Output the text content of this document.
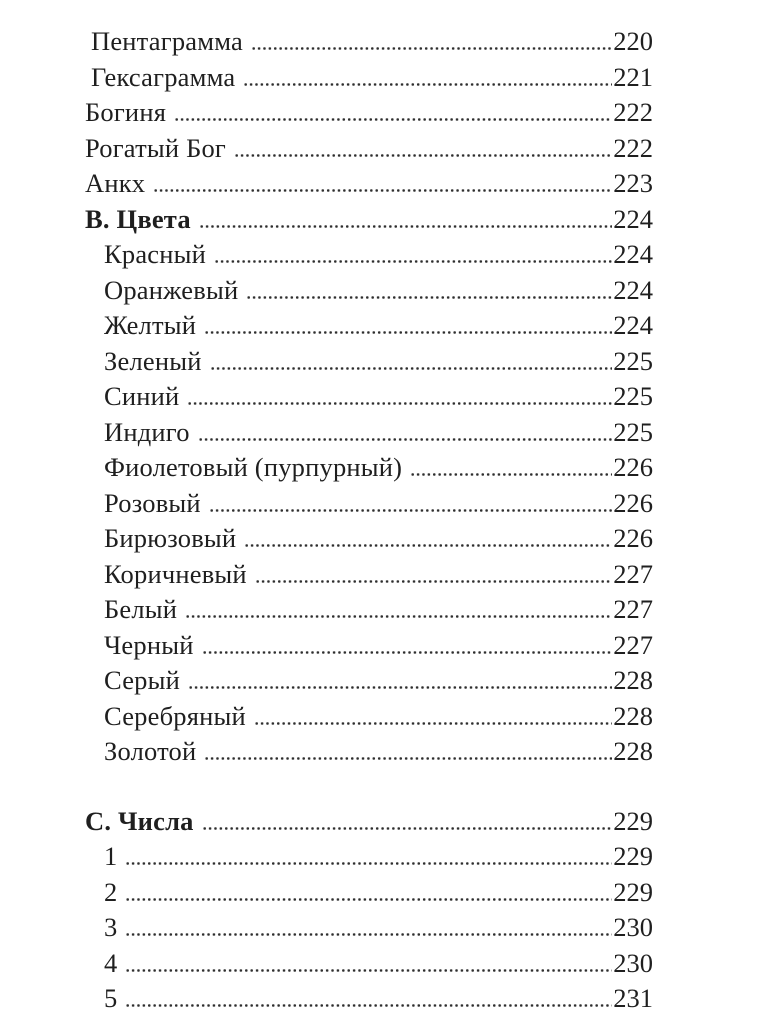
Пентаграмма	220
Гексаграмма	221
Богиня	222
Рогатый Бог	222
Анкх	223
В. Цвета	224
Красный	224
Оранжевый	224
Желтый	224
Зеленый	225
Синий	225
Индиго	225
Фиолетовый (пурпурный)	226
Розовый	226
Бирюзовый	226
Коричневый	227
Белый	227
Черный	227
Серый	228
Серебряный	228
Золотой	228
С. Числа	229
1	229
2	229
3	230
4	230
5	231
